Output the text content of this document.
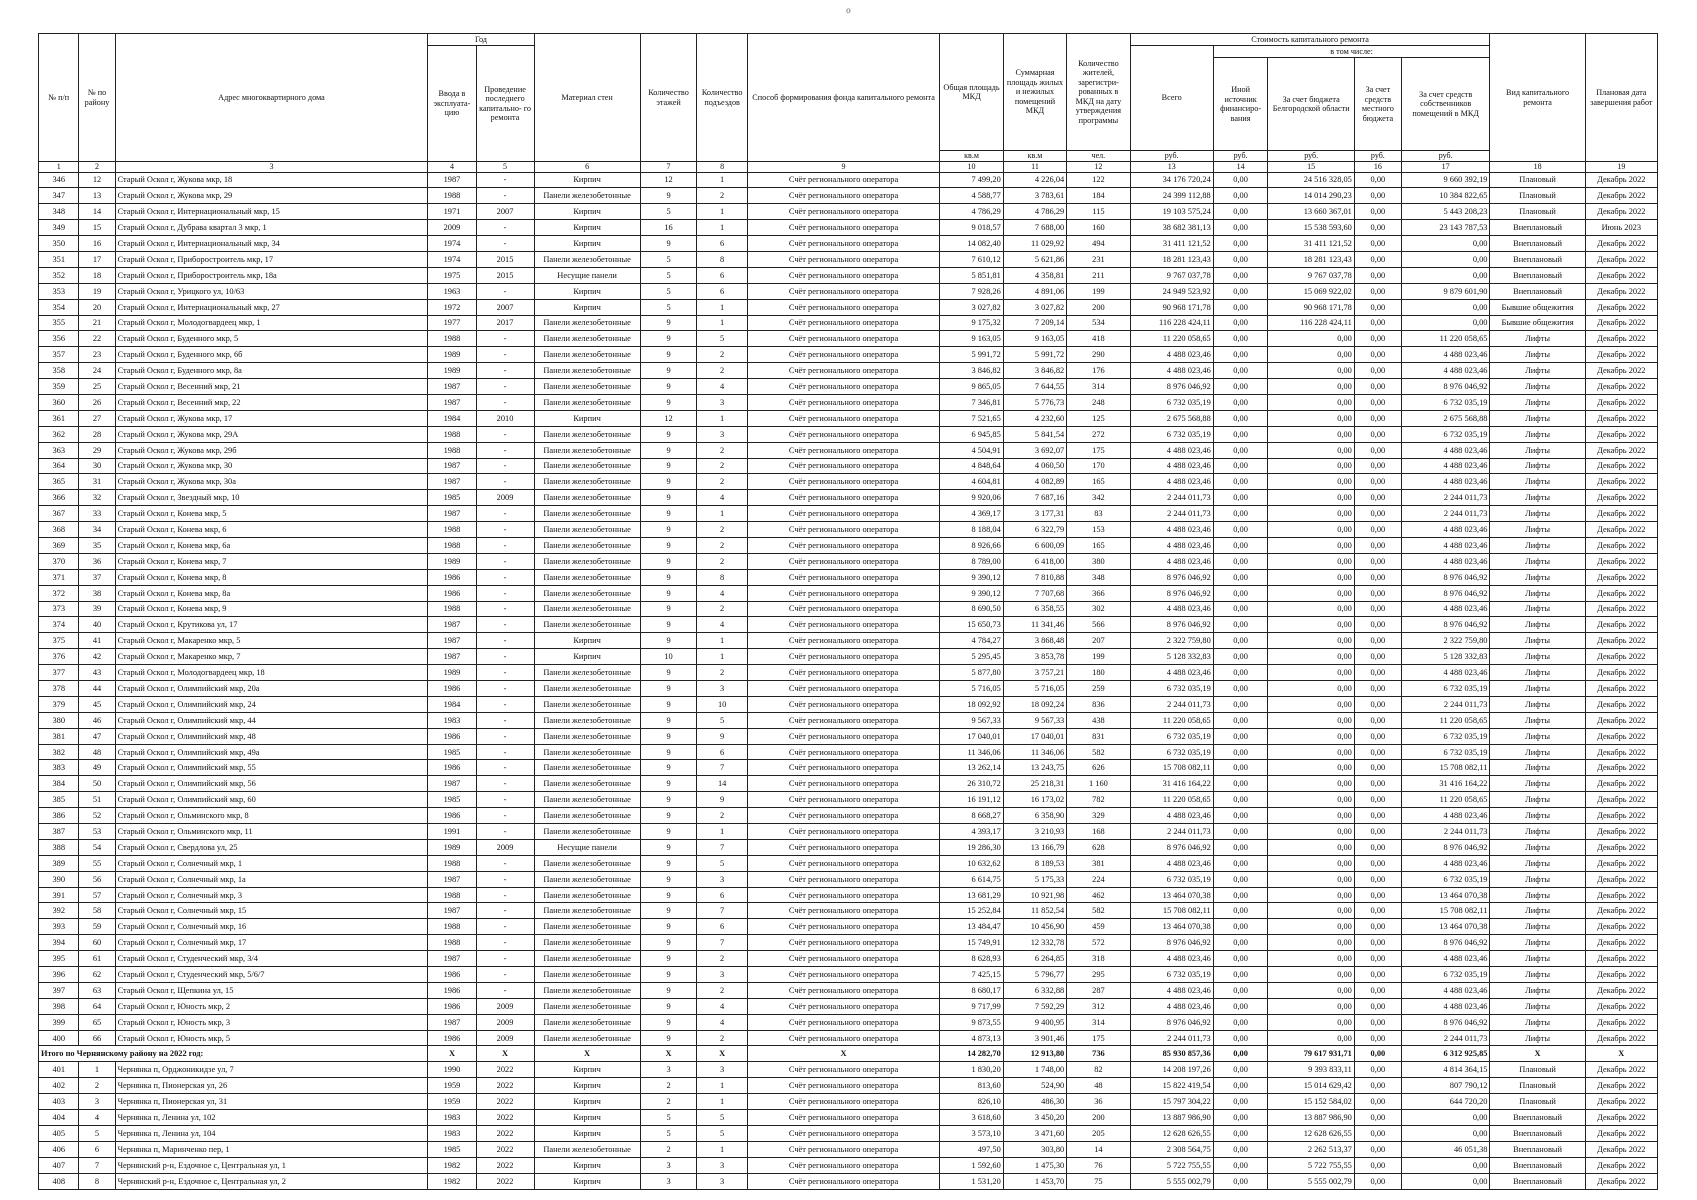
о
№ п/п	№ по району	Адрес многоквартирного дома	Год		Материал стен	Количество этажей	Количество подъездов	Способ формирования фонда капитального ремонта	Общая площадь МКД	Суммарная площадь жилых и нежилых помещений МКД	Количество жителей, зарегистри- рованных в МКД на дату утверждения программы	Стоимость капитального ремонта					Вид капитального ремонта	Плановая дата завершения работ
			Ввода в эксплуата- цию	Проведение последнего капитально- го ремонта								Всего	в том числе:					
													Иной источник финансиро- вания	За счет бюджета Белгородской области	За счет средств местного бюджета	За счет средств собственников помещений в МКД		
									кв.м	кв.м	чел.	руб.	руб.	руб.	руб.	руб.		
1	2	3	4	5	6	7	8	9	10	11	12	13	14	15	16	17	18	19
346	12	Старый Оскол г, Жукова мкр, 18	1987	-	Кирпич	12	1	Счёт регионального оператора	7 499,20	4 226,04	122	34 176 720,24	0,00	24 516 328,05	0,00	9 660 392,19	Плановый	Декабрь 2022
347	13	Старый Оскол г, Жукова мкр, 29	1988	-	Панели железобетонные	9	2	Счёт регионального оператора	4 588,77	3 783,61	184	24 399 112,88	0,00	14 014 290,23	0,00	10 384 822,65	Плановый	Декабрь 2022
348	14	Старый Оскол г, Интернациональный мкр, 15	1971	2007	Кирпич	5	1	Счёт регионального оператора	4 786,29	4 786,29	115	19 103 575,24	0,00	13 660 367,01	0,00	5 443 208,23	Плановый	Декабрь 2022
349	15	Старый Оскол г, Дубрава квартал 3 мкр, 1	2009	-	Кирпич	16	1	Счёт регионального оператора	9 018,57	7 688,00	160	38 682 381,13	0,00	15 538 593,60	0,00	23 143 787,53	Внеплановый	Июнь 2023
350	16	Старый Оскол г, Интернациональный мкр, 34	1974	-	Кирпич	9	6	Счёт регионального оператора	14 082,40	11 029,92	494	31 411 121,52	0,00	31 411 121,52	0,00	0,00	Внеплановый	Декабрь 2022
351	17	Старый Оскол г, Приборостроитель мкр, 17	1974	2015	Панели железобетонные	5	8	Счёт регионального оператора	7 610,12	5 621,86	231	18 281 123,43	0,00	18 281 123,43	0,00	0,00	Внеплановый	Декабрь 2022
352	18	Старый Оскол г, Приборостроитель мкр, 18а	1975	2015	Несущие панели	5	6	Счёт регионального оператора	5 851,81	4 358,81	211	9 767 037,78	0,00	9 767 037,78	0,00	0,00	Внеплановый	Декабрь 2022
353	19	Старый Оскол г, Урицкого ул, 10/63	1963	-	Кирпич	5	6	Счёт регионального оператора	7 928,26	4 891,06	199	24 949 523,92	0,00	15 069 922,02	0,00	9 879 601,90	Внеплановый	Декабрь 2022
354	20	Старый Оскол г, Интернациональный мкр, 27	1972	2007	Кирпич	5	1	Счёт регионального оператора	3 027,82	3 027,82	200	90 968 171,78	0,00	90 968 171,78	0,00	0,00	Бывшие общежития	Декабрь 2022
355	21	Старый Оскол г, Молодогвардеец мкр, 1	1977	2017	Панели железобетонные	9	1	Счёт регионального оператора	9 175,32	7 209,14	534	116 228 424,11	0,00	116 228 424,11	0,00	0,00	Бывшие общежития	Декабрь 2022
356	22	Старый Оскол г, Буденного мкр, 5	1988	-	Панели железобетонные	9	5	Счёт регионального оператора	9 163,05	9 163,05	418	11 220 058,65	0,00	0,00	0,00	11 220 058,65	Лифты	Декабрь 2022
357	23	Старый Оскол г, Буденного мкр, 6б	1989	-	Панели железобетонные	9	2	Счёт регионального оператора	5 991,72	5 991,72	290	4 488 023,46	0,00	0,00	0,00	4 488 023,46	Лифты	Декабрь 2022
358	24	Старый Оскол г, Буденного мкр, 8а	1989	-	Панели железобетонные	9	2	Счёт регионального оператора	3 846,82	3 846,82	176	4 488 023,46	0,00	0,00	0,00	4 488 023,46	Лифты	Декабрь 2022
359	25	Старый Оскол г, Весенний мкр, 21	1987	-	Панели железобетонные	9	4	Счёт регионального оператора	9 865,05	7 644,55	314	8 976 046,92	0,00	0,00	0,00	8 976 046,92	Лифты	Декабрь 2022
360	26	Старый Оскол г, Весенний мкр, 22	1987	-	Панели железобетонные	9	3	Счёт регионального оператора	7 346,81	5 776,73	248	6 732 035,19	0,00	0,00	0,00	6 732 035,19	Лифты	Декабрь 2022
361	27	Старый Оскол г, Жукова мкр, 17	1984	2010	Кирпич	12	1	Счёт регионального оператора	7 521,65	4 232,60	125	2 675 568,88	0,00	0,00	0,00	2 675 568,88	Лифты	Декабрь 2022
362	28	Старый Оскол г, Жукова мкр, 29А	1988	-	Панели железобетонные	9	3	Счёт регионального оператора	6 945,85	5 841,54	272	6 732 035,19	0,00	0,00	0,00	6 732 035,19	Лифты	Декабрь 2022
363	29	Старый Оскол г, Жукова мкр, 29б	1988	-	Панели железобетонные	9	2	Счёт регионального оператора	4 504,91	3 692,07	175	4 488 023,46	0,00	0,00	0,00	4 488 023,46	Лифты	Декабрь 2022
364	30	Старый Оскол г, Жукова мкр, 30	1987	-	Панели железобетонные	9	2	Счёт регионального оператора	4 848,64	4 060,50	170	4 488 023,46	0,00	0,00	0,00	4 488 023,46	Лифты	Декабрь 2022
365	31	Старый Оскол г, Жукова мкр, 30а	1987	-	Панели железобетонные	9	2	Счёт регионального оператора	4 604,81	4 082,89	165	4 488 023,46	0,00	0,00	0,00	4 488 023,46	Лифты	Декабрь 2022
366	32	Старый Оскол г, Звездный мкр, 10	1985	2009	Панели железобетонные	9	4	Счёт регионального оператора	9 920,06	7 687,16	342	2 244 011,73	0,00	0,00	0,00	2 244 011,73	Лифты	Декабрь 2022
367	33	Старый Оскол г, Конева мкр, 5	1987	-	Панели железобетонные	9	1	Счёт регионального оператора	4 369,17	3 177,31	83	2 244 011,73	0,00	0,00	0,00	2 244 011,73	Лифты	Декабрь 2022
368	34	Старый Оскол г, Конева мкр, 6	1988	-	Панели железобетонные	9	2	Счёт регионального оператора	8 188,04	6 322,79	153	4 488 023,46	0,00	0,00	0,00	4 488 023,46	Лифты	Декабрь 2022
369	35	Старый Оскол г, Конева мкр, 6а	1988	-	Панели железобетонные	9	2	Счёт регионального оператора	8 926,66	6 600,09	165	4 488 023,46	0,00	0,00	0,00	4 488 023,46	Лифты	Декабрь 2022
370	36	Старый Оскол г, Конева мкр, 7	1989	-	Панели железобетонные	9	2	Счёт регионального оператора	8 789,00	6 418,00	380	4 488 023,46	0,00	0,00	0,00	4 488 023,46	Лифты	Декабрь 2022
371	37	Старый Оскол г, Конева мкр, 8	1986	-	Панели железобетонные	9	8	Счёт регионального оператора	9 390,12	7 810,88	348	8 976 046,92	0,00	0,00	0,00	8 976 046,92	Лифты	Декабрь 2022
372	38	Старый Оскол г, Конева мкр, 8а	1986	-	Панели железобетонные	9	4	Счёт регионального оператора	9 390,12	7 707,68	366	8 976 046,92	0,00	0,00	0,00	8 976 046,92	Лифты	Декабрь 2022
373	39	Старый Оскол г, Конева мкр, 9	1988	-	Панели железобетонные	9	2	Счёт регионального оператора	8 690,50	6 358,55	302	4 488 023,46	0,00	0,00	0,00	4 488 023,46	Лифты	Декабрь 2022
374	40	Старый Оскол г, Крутикова ул, 17	1987	-	Панели железобетонные	9	4	Счёт регионального оператора	15 650,73	11 341,46	566	8 976 046,92	0,00	0,00	0,00	8 976 046,92	Лифты	Декабрь 2022
375	41	Старый Оскол г, Макаренко мкр, 5	1987	-	Кирпич	9	1	Счёт регионального оператора	4 784,27	3 868,48	207	2 322 759,80	0,00	0,00	0,00	2 322 759,80	Лифты	Декабрь 2022
376	42	Старый Оскол г, Макаренко мкр, 7	1987	-	Кирпич	10	1	Счёт регионального оператора	5 295,45	3 853,78	199	5 128 332,83	0,00	0,00	0,00	5 128 332,83	Лифты	Декабрь 2022
377	43	Старый Оскол г, Молодогвардеец мкр, 18	1989	-	Панели железобетонные	9	2	Счёт регионального оператора	5 877,80	3 757,21	180	4 488 023,46	0,00	0,00	0,00	4 488 023,46	Лифты	Декабрь 2022
378	44	Старый Оскол г, Олимпийский мкр, 20а	1986	-	Панели железобетонные	9	3	Счёт регионального оператора	5 716,05	5 716,05	259	6 732 035,19	0,00	0,00	0,00	6 732 035,19	Лифты	Декабрь 2022
379	45	Старый Оскол г, Олимпийский мкр, 24	1984	-	Панели железобетонные	9	10	Счёт регионального оператора	18 092,92	18 092,24	836	2 244 011,73	0,00	0,00	0,00	2 244 011,73	Лифты	Декабрь 2022
380	46	Старый Оскол г, Олимпийский мкр, 44	1983	-	Панели железобетонные	9	5	Счёт регионального оператора	9 567,33	9 567,33	438	11 220 058,65	0,00	0,00	0,00	11 220 058,65	Лифты	Декабрь 2022
381	47	Старый Оскол г, Олимпийский мкр, 48	1986	-	Панели железобетонные	9	9	Счёт регионального оператора	17 040,01	17 040,01	831	6 732 035,19	0,00	0,00	0,00	6 732 035,19	Лифты	Декабрь 2022
382	48	Старый Оскол г, Олимпийский мкр, 49а	1985	-	Панели железобетонные	9	6	Счёт регионального оператора	11 346,06	11 346,06	582	6 732 035,19	0,00	0,00	0,00	6 732 035,19	Лифты	Декабрь 2022
383	49	Старый Оскол г, Олимпийский мкр, 55	1986	-	Панели железобетонные	9	7	Счёт регионального оператора	13 262,14	13 243,75	626	15 708 082,11	0,00	0,00	0,00	15 708 082,11	Лифты	Декабрь 2022
384	50	Старый Оскол г, Олимпийский мкр, 56	1987	-	Панели железобетонные	9	14	Счёт регионального оператора	26 310,72	25 218,31	1 160	31 416 164,22	0,00	0,00	0,00	31 416 164,22	Лифты	Декабрь 2022
385	51	Старый Оскол г, Олимпийский мкр, 60	1985	-	Панели железобетонные	9	9	Счёт регионального оператора	16 191,12	16 173,02	782	11 220 058,65	0,00	0,00	0,00	11 220 058,65	Лифты	Декабрь 2022
386	52	Старый Оскол г, Ольминского мкр, 8	1986	-	Панели железобетонные	9	2	Счёт регионального оператора	8 668,27	6 358,90	329	4 488 023,46	0,00	0,00	0,00	4 488 023,46	Лифты	Декабрь 2022
387	53	Старый Оскол г, Ольминского мкр, 11	1991	-	Панели железобетонные	9	1	Счёт регионального оператора	4 393,17	3 210,93	168	2 244 011,73	0,00	0,00	0,00	2 244 011,73	Лифты	Декабрь 2022
388	54	Старый Оскол г, Свердлова ул, 25	1989	2009	Несущие панели	9	7	Счёт регионального оператора	19 286,30	13 166,79	628	8 976 046,92	0,00	0,00	0,00	8 976 046,92	Лифты	Декабрь 2022
389	55	Старый Оскол г, Солнечный мкр, 1	1988	-	Панели железобетонные	9	5	Счёт регионального оператора	10 632,62	8 189,53	381	4 488 023,46	0,00	0,00	0,00	4 488 023,46	Лифты	Декабрь 2022
390	56	Старый Оскол г, Солнечный мкр, 1а	1987	-	Панели железобетонные	9	3	Счёт регионального оператора	6 614,75	5 175,33	224	6 732 035,19	0,00	0,00	0,00	6 732 035,19	Лифты	Декабрь 2022
391	57	Старый Оскол г, Солнечный мкр, 3	1988	-	Панели железобетонные	9	6	Счёт регионального оператора	13 681,29	10 921,98	462	13 464 070,38	0,00	0,00	0,00	13 464 070,38	Лифты	Декабрь 2022
392	58	Старый Оскол г, Солнечный мкр, 15	1987	-	Панели железобетонные	9	7	Счёт регионального оператора	15 252,84	11 852,54	582	15 708 082,11	0,00	0,00	0,00	15 708 082,11	Лифты	Декабрь 2022
393	59	Старый Оскол г, Солнечный мкр, 16	1988	-	Панели железобетонные	9	6	Счёт регионального оператора	13 484,47	10 456,90	459	13 464 070,38	0,00	0,00	0,00	13 464 070,38	Лифты	Декабрь 2022
394	60	Старый Оскол г, Солнечный мкр, 17	1988	-	Панели железобетонные	9	7	Счёт регионального оператора	15 749,91	12 332,78	572	8 976 046,92	0,00	0,00	0,00	8 976 046,92	Лифты	Декабрь 2022
395	61	Старый Оскол г, Студенческий мкр, 3/4	1987	-	Панели железобетонные	9	2	Счёт регионального оператора	8 628,93	6 264,85	318	4 488 023,46	0,00	0,00	0,00	4 488 023,46	Лифты	Декабрь 2022
396	62	Старый Оскол г, Студенческий мкр, 5/6/7	1986	-	Панели железобетонные	9	3	Счёт регионального оператора	7 425,15	5 796,77	295	6 732 035,19	0,00	0,00	0,00	6 732 035,19	Лифты	Декабрь 2022
397	63	Старый Оскол г, Щепкина ул, 15	1986	-	Панели железобетонные	9	2	Счёт регионального оператора	8 680,17	6 332,88	287	4 488 023,46	0,00	0,00	0,00	4 488 023,46	Лифты	Декабрь 2022
398	64	Старый Оскол г, Юность мкр, 2	1986	2009	Панели железобетонные	9	4	Счёт регионального оператора	9 717,99	7 592,29	312	4 488 023,46	0,00	0,00	0,00	4 488 023,46	Лифты	Декабрь 2022
399	65	Старый Оскол г, Юность мкр, 3	1987	2009	Панели железобетонные	9	4	Счёт регионального оператора	9 873,55	9 400,95	314	8 976 046,92	0,00	0,00	0,00	8 976 046,92	Лифты	Декабрь 2022
400	66	Старый Оскол г, Юность мкр, 5	1986	2009	Панели железобетонные	9	2	Счёт регионального оператора	4 873,13	3 901,46	175	2 244 011,73	0,00	0,00	0,00	2 244 011,73	Лифты	Декабрь 2022
Итого по Чернянскому району на 2022 год:			X	X	X	X	X	X	14 282,70	12 913,80	736	85 930 857,36	0,00	79 617 931,71	0,00	6 312 925,85	X	X
401	1	Чернянка п, Орджоникидзе ул, 7	1990	2022	Кирпич	3	3	Счёт регионального оператора	1 830,20	1 748,00	82	14 208 197,26	0,00	9 393 833,11	0,00	4 814 364,15	Плановый	Декабрь 2022
402	2	Чернянка п, Пионерская ул, 26	1959	2022	Кирпич	2	1	Счёт регионального оператора	813,60	524,90	48	15 822 419,54	0,00	15 014 629,42	0,00	807 790,12	Плановый	Декабрь 2022
403	3	Чернянка п, Пионерская ул, 31	1959	2022	Кирпич	2	1	Счёт регионального оператора	826,10	486,30	36	15 797 304,22	0,00	15 152 584,02	0,00	644 720,20	Плановый	Декабрь 2022
404	4	Чернянка п, Ленина ул, 102	1983	2022	Кирпич	5	5	Счёт регионального оператора	3 618,60	3 450,20	200	13 887 986,90	0,00	13 887 986,90	0,00	0,00	Внеплановый	Декабрь 2022
405	5	Чернянка п, Ленина ул, 104	1983	2022	Кирпич	5	5	Счёт регионального оператора	3 573,10	3 471,60	205	12 628 626,55	0,00	12 628 626,55	0,00	0,00	Внеплановый	Декабрь 2022
406	6	Чернянка п, Маринченко пер, 1	1985	2022	Панели железобетонные	2	1	Счёт регионального оператора	497,50	303,80	14	2 308 564,75	0,00	2 262 513,37	0,00	46 051,38	Внеплановый	Декабрь 2022
407	7	Чернянский р-н, Ездочное с, Центральная ул, 1	1982	2022	Кирпич	3	3	Счёт регионального оператора	1 592,60	1 475,30	76	5 722 755,55	0,00	5 722 755,55	0,00	0,00	Внеплановый	Декабрь 2022
408	8	Чернянский р-н, Ездочное с, Центральная ул, 2	1982	2022	Кирпич	3	3	Счёт регионального оператора	1 531,20	1 453,70	75	5 555 002,79	0,00	5 555 002,79	0,00	0,00	Внеплановый	Декабрь 2022
